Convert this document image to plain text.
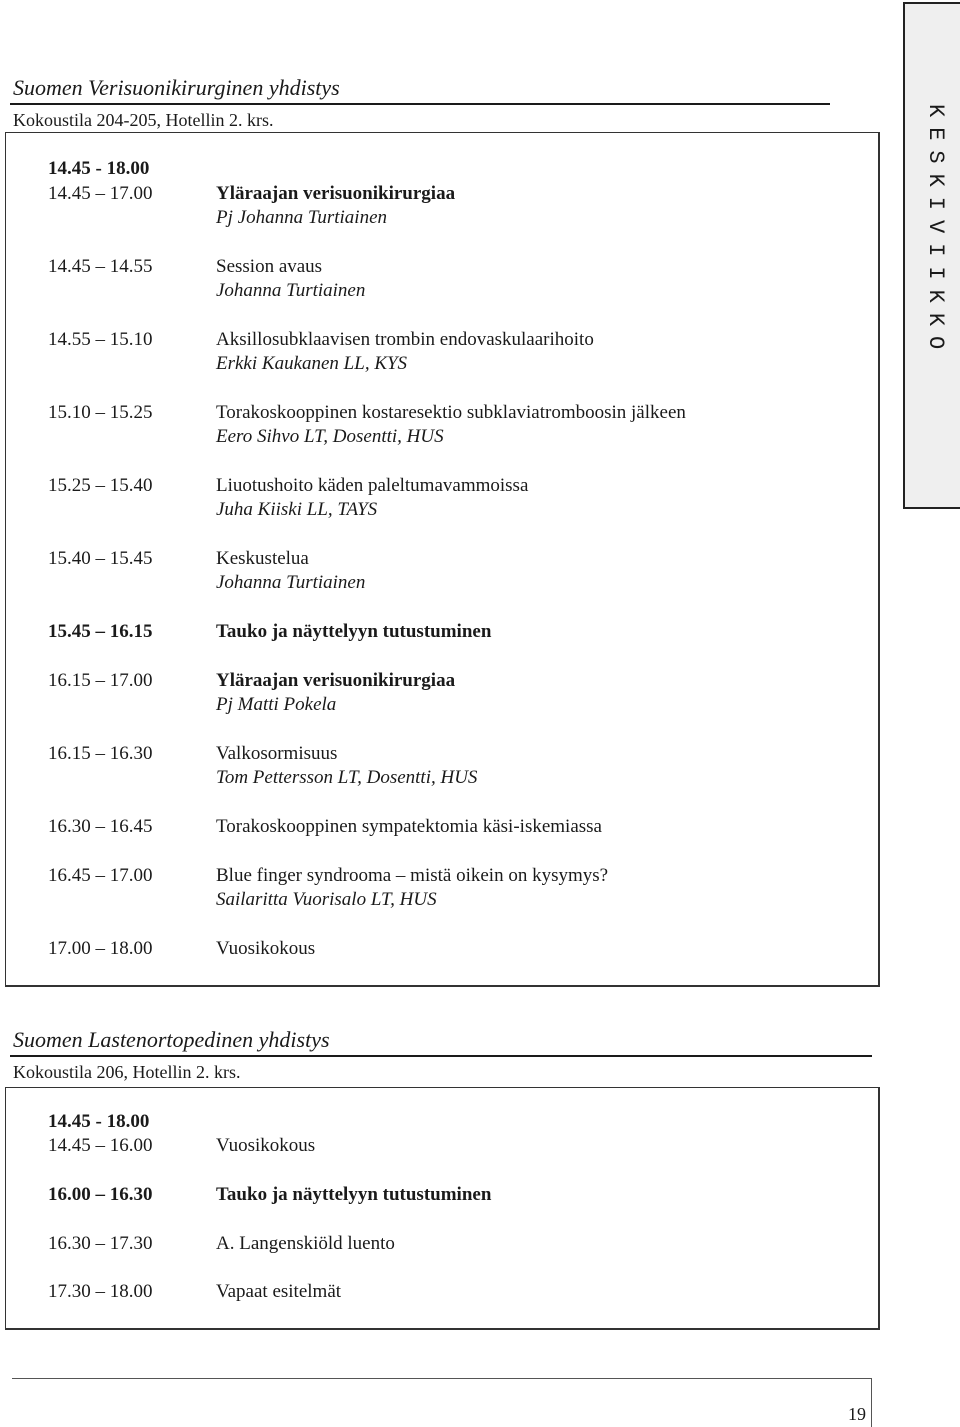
KESKIVIIKKO
Suomen Verisuonikirurginen yhdistys
Kokoustila 204-205, Hotellin 2. krs.
14.45 - 18.00
14.45 – 17.00	Yläraajan verisuonikirurgiaa
Pj Johanna Turtiainen
14.45 – 14.55	Session avaus
Johanna Turtiainen
14.55 – 15.10	Aksillosubklaavisen trombin endovaskulaarihoito
Erkki Kaukanen LL, KYS
15.10 – 15.25	Torakoskooppinen kostaresektio subklaviatromboosin jälkeen
Eero Sihvo LT, Dosentti, HUS
15.25 – 15.40	Liuotushoito käden paleltumavammoissa
Juha Kiiski LL, TAYS
15.40 – 15.45	Keskustelua
Johanna Turtiainen
15.45 – 16.15	Tauko ja näyttelyyn tutustuminen
16.15 – 17.00	Yläraajan verisuonikirurgiaa
Pj Matti Pokela
16.15 – 16.30	Valkosormisuus
Tom Pettersson LT, Dosentti, HUS
16.30 – 16.45	Torakoskooppinen sympatektomia käsi-iskemiassa
16.45 – 17.00	Blue finger syndrooma – mistä oikein on kysymys?
Sailaritta Vuorisalo LT, HUS
17.00 – 18.00	Vuosikokous
Suomen Lastenortopedinen yhdistys
Kokoustila 206, Hotellin 2. krs.
14.45 - 18.00
14.45 – 16.00	Vuosikokous
16.00 – 16.30	Tauko ja näyttelyyn tutustuminen
16.30 – 17.30	A. Langenskiöld luento
17.30 – 18.00	Vapaat esitelmät
19
